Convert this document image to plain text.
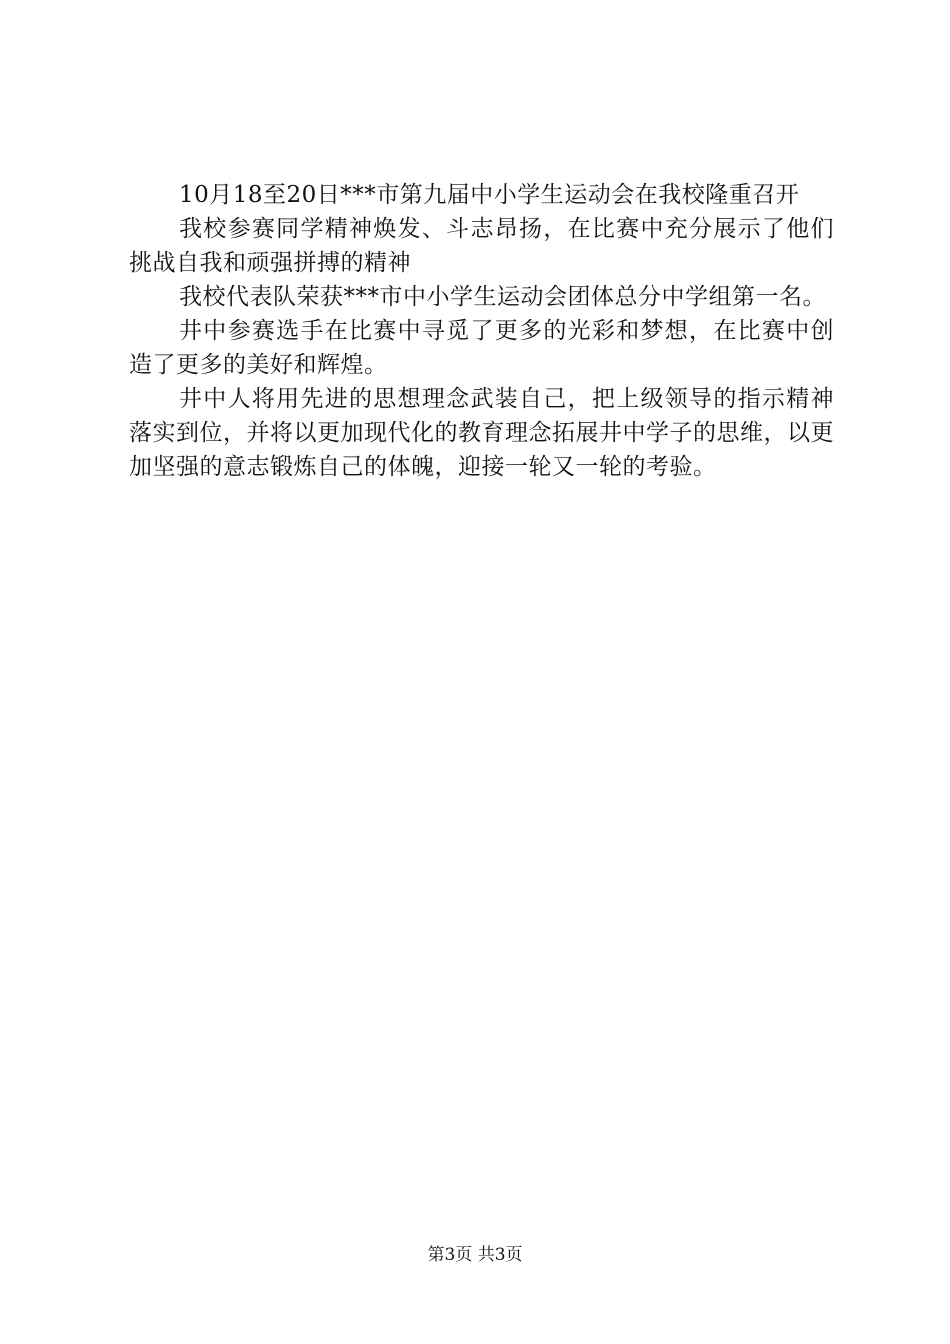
10月18至20日***市第九届中小学生运动会在我校隆重召开

我校参赛同学精神焕发、斗志昂扬，在比赛中充分展示了他们挑战自我和顽强拼搏的精神

我校代表队荣获***市中小学生运动会团体总分中学组第一名。

井中参赛选手在比赛中寻觅了更多的光彩和梦想，在比赛中创造了更多的美好和辉煌。

井中人将用先进的思想理念武装自己，把上级领导的指示精神落实到位，并将以更加现代化的教育理念拓展井中学子的思维，以更加坚强的意志锻炼自己的体魄，迎接一轮又一轮的考验。

第3页 共3页
